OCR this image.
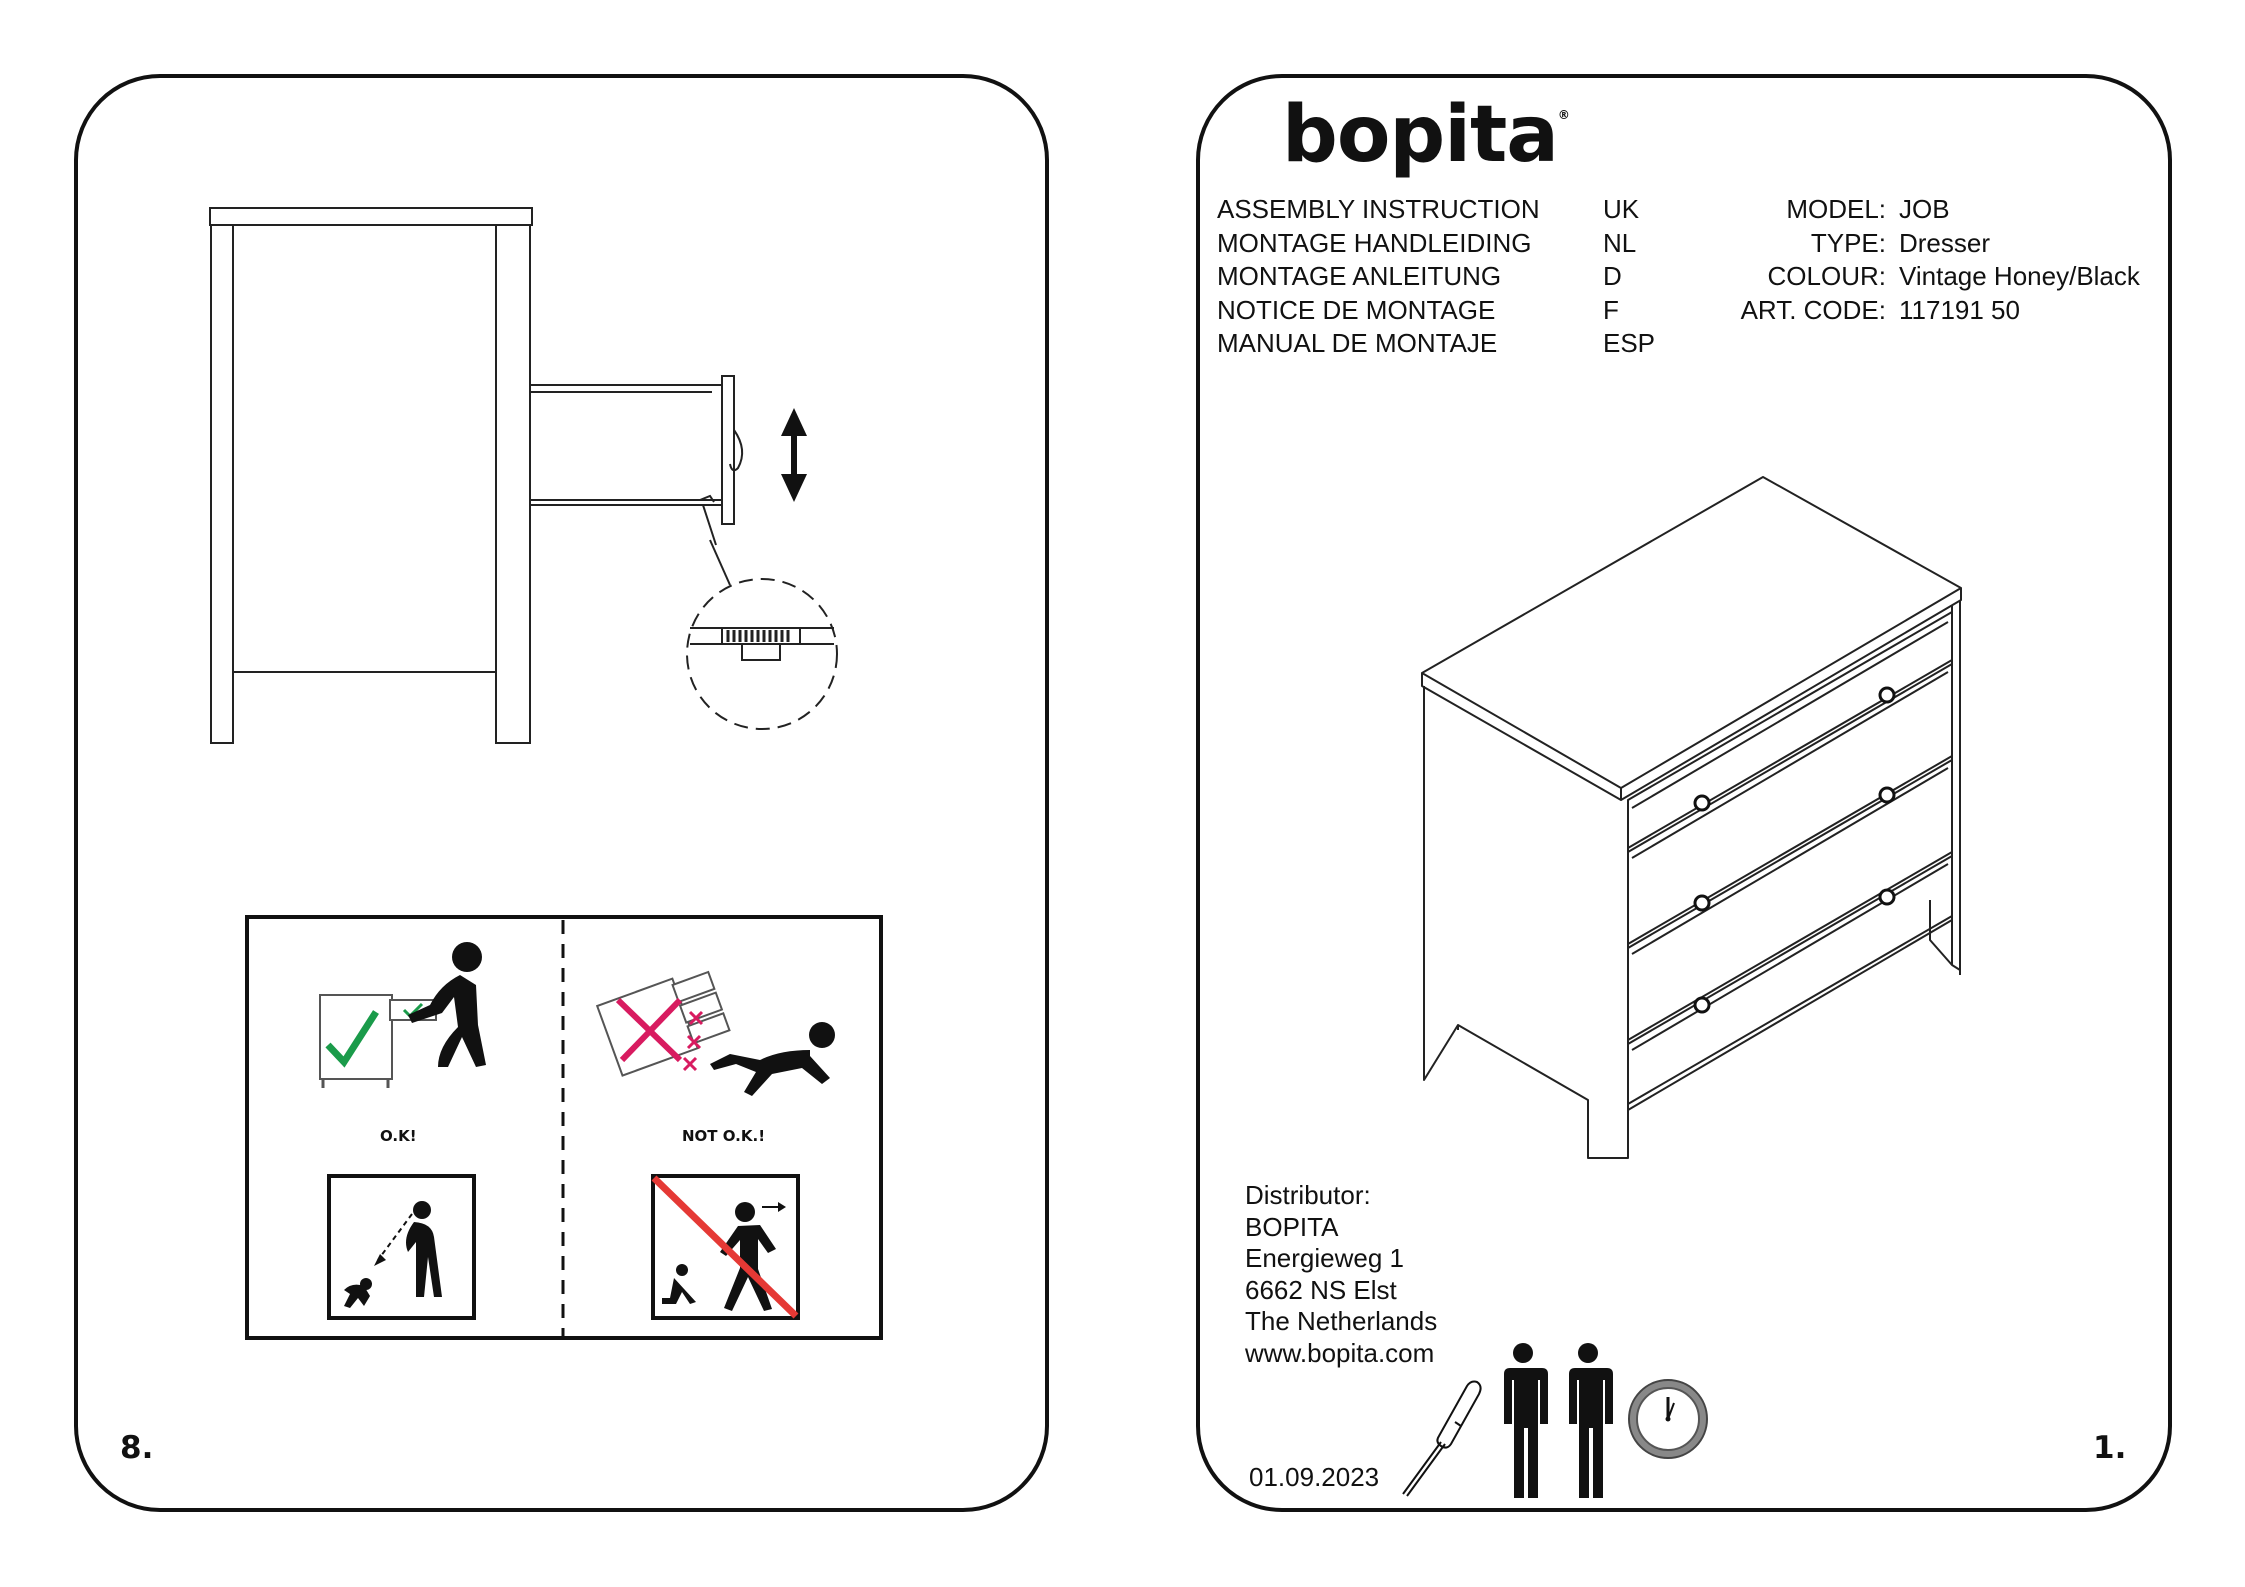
O.K!	NOT O.K.!
8.
bopita®
ASSEMBLY INSTRUCTION
MONTAGE HANDLEIDING
MONTAGE ANLEITUNG
NOTICE DE MONTAGE
MANUAL DE MONTAJE
UK
NL
D
F
ESP
MODEL:
TYPE:
COLOUR:
ART. CODE:
JOB
Dresser
Vintage Honey/Black
117191 50
Distributor:
BOPITA
Energieweg 1
6662 NS Elst
The Netherlands
www.bopita.com
01.09.2023
1.
